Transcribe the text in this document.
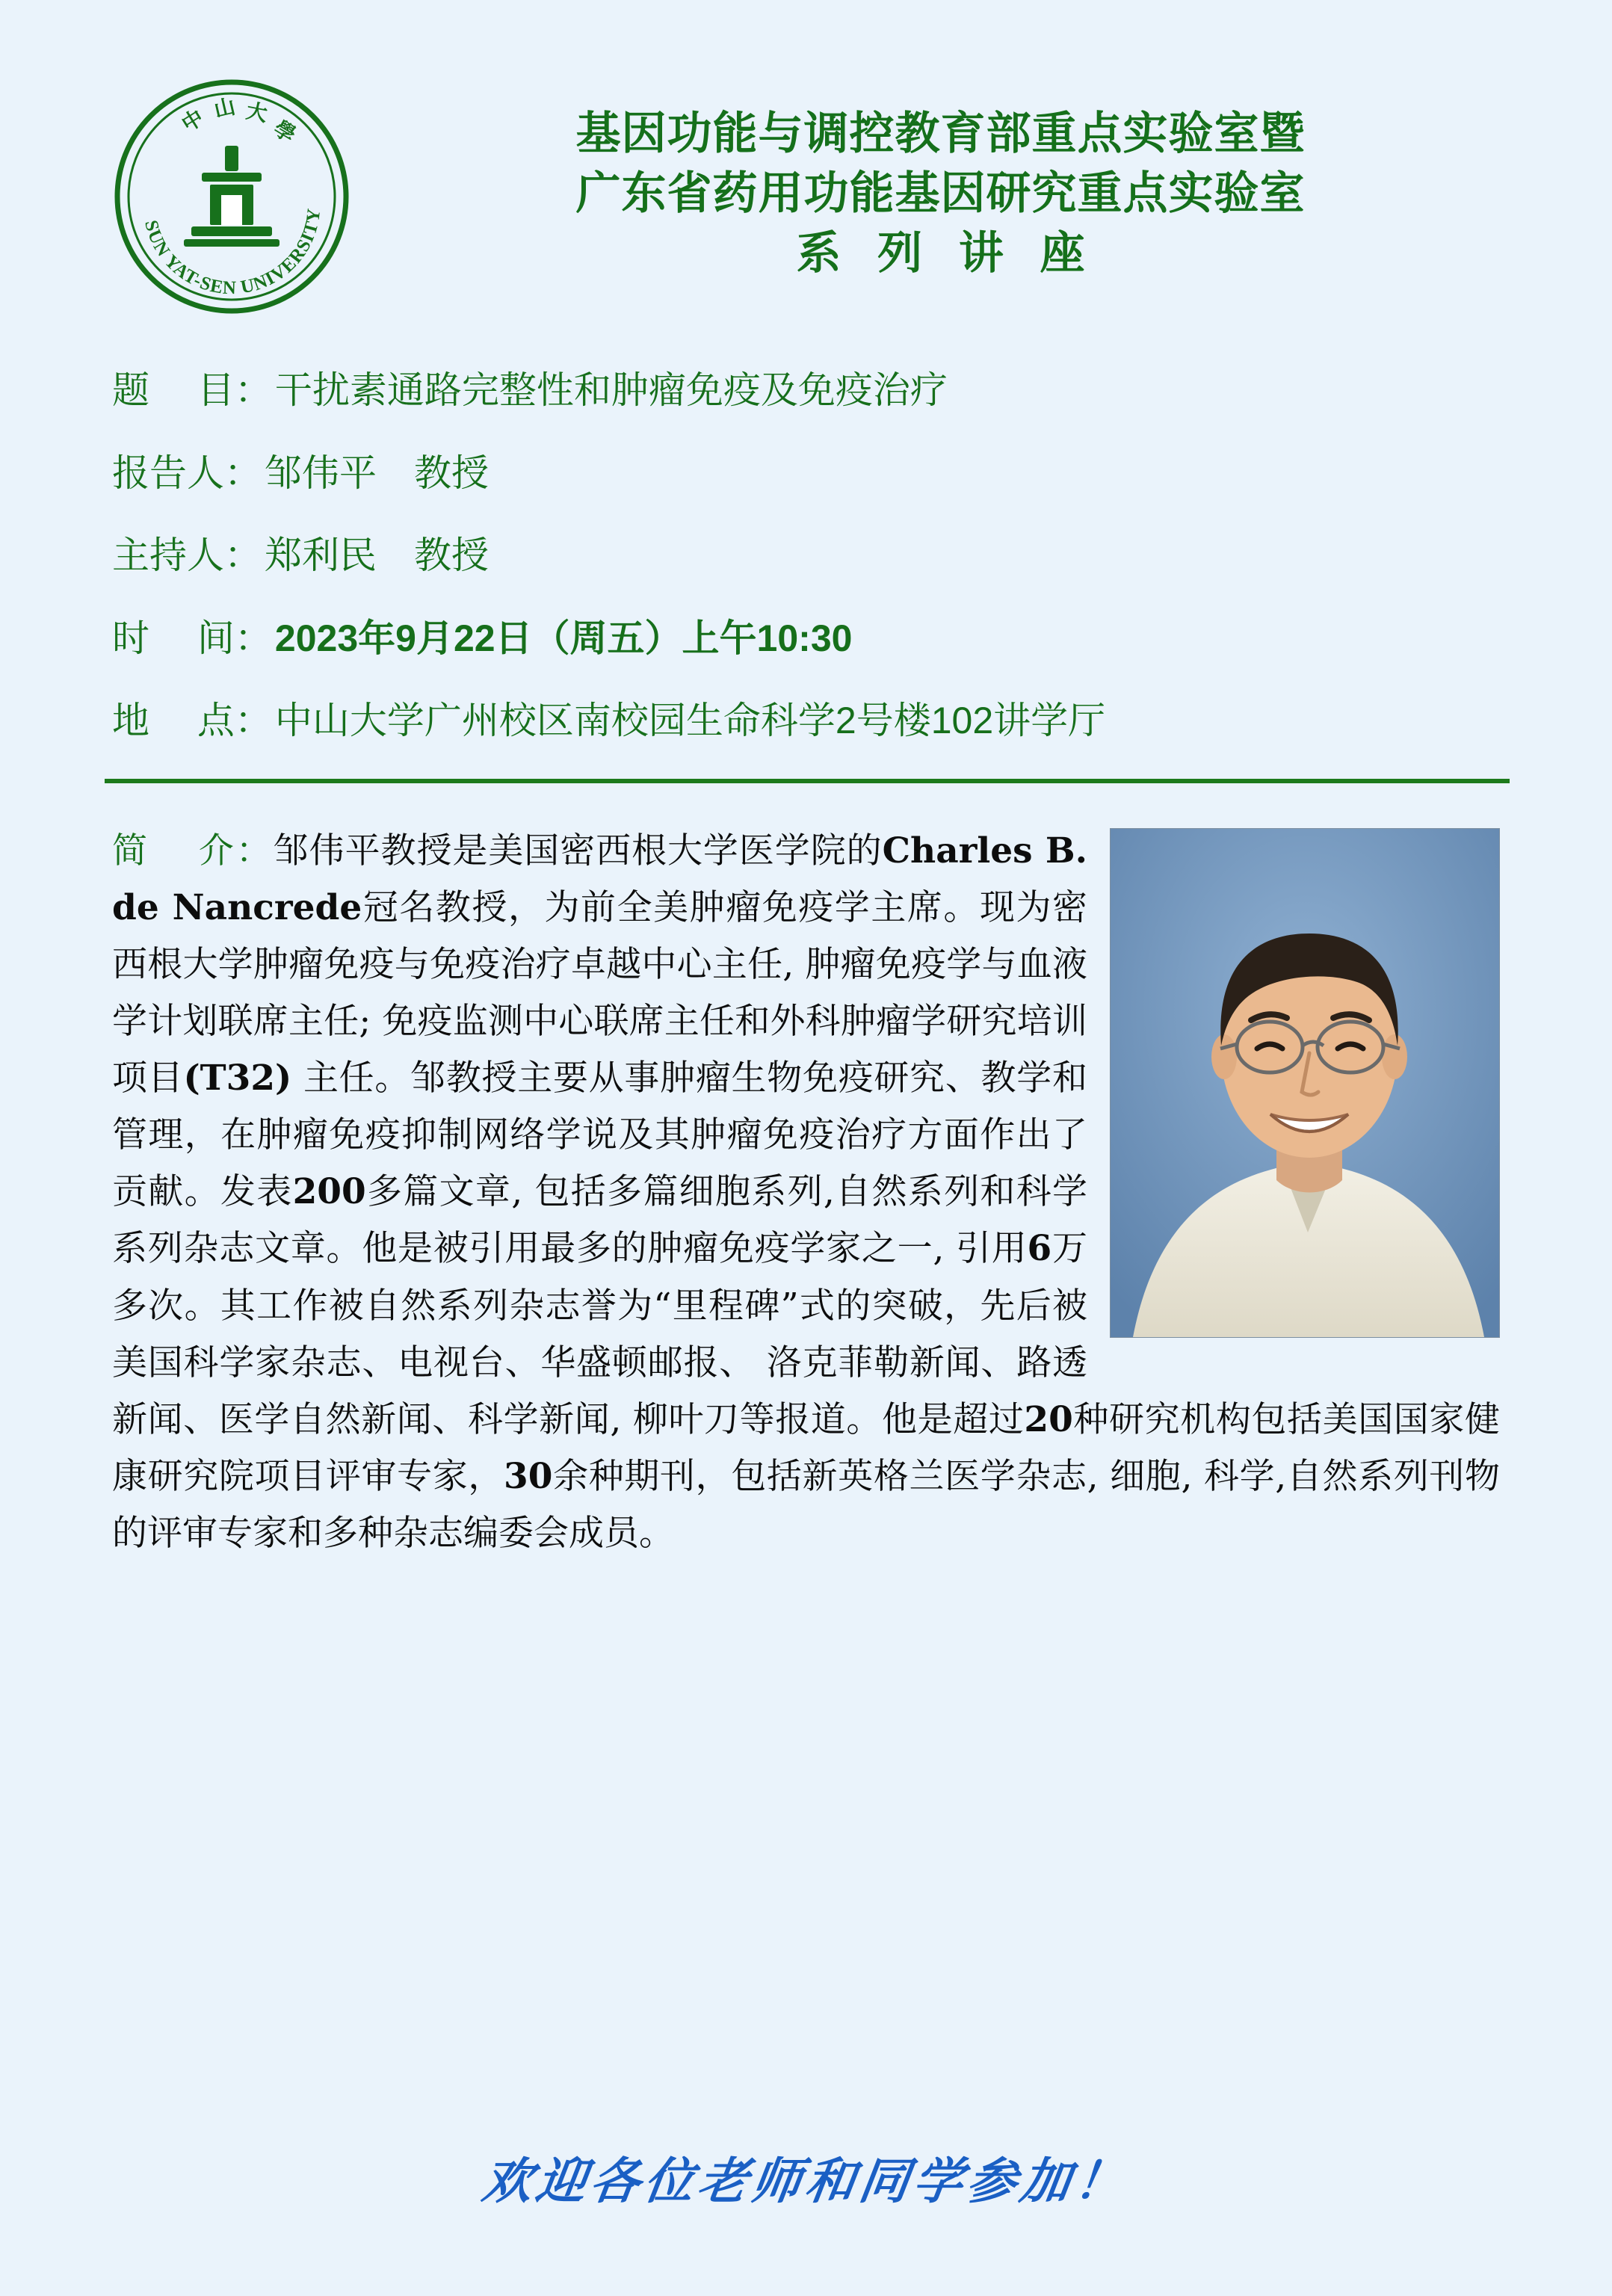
中 山 大
學
SUN YAT-SEN UNIVERSITY
基因功能与调控教育部重点实验室暨
广东省药用功能基因研究重点实验室
系 列 讲 座
题　 目： 干扰素通路完整性和肿瘤免疫及免疫治疗
报告人： 邹伟平　教授
主持人： 郑利民　教授
时　 间： 2023年9月22日（周五）上午10:30
地　 点： 中山大学广州校区南校园生命科学2号楼102讲学厅
简　 介：邹伟平教授是美国密西根大学医学院的Charles B. de Nancrede冠名教授，为前全美肿瘤免疫学主席。现为密西根大学肿瘤免疫与免疫治疗卓越中心主任, 肿瘤免疫学与血液学计划联席主任; 免疫监测中心联席主任和外科肿瘤学研究培训项目(T32) 主任。邹教授主要从事肿瘤生物免疫研究、教学和管理，在肿瘤免疫抑制网络学说及其肿瘤免疫治疗方面作出了贡献。发表200多篇文章, 包括多篇细胞系列,自然系列和科学系列杂志文章。他是被引用最多的肿瘤免疫学家之一, 引用6万多次。其工作被自然系列杂志誉为“里程碑”式的突破，先后被美国科学家杂志、电视台、华盛顿邮报、 洛克菲勒新闻、路透新闻、医学自然新闻、科学新闻, 柳叶刀等报道。他是超过20种研究机构包括美国国家健康研究院项目评审专家，30余种期刊，包括新英格兰医学杂志, 细胞, 科学,自然系列刊物的评审专家和多种杂志编委会成员。
欢迎各位老师和同学参加！
